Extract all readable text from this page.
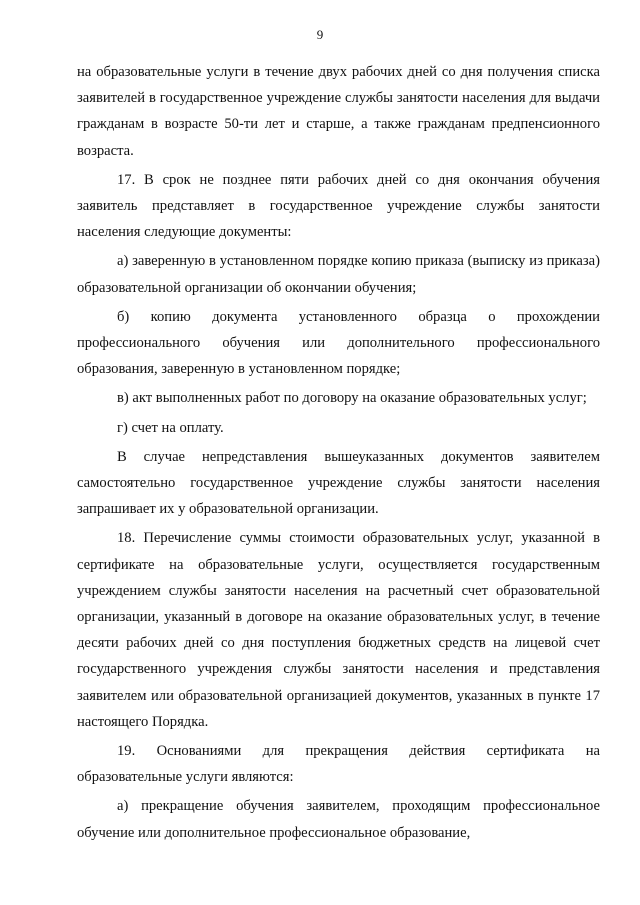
9

на образовательные услуги в течение двух рабочих дней со дня получения списка заявителей в государственное учреждение службы занятости населения для выдачи гражданам в возрасте 50-ти лет и старше, а также гражданам предпенсионного возраста.

17. В срок не позднее пяти рабочих дней со дня окончания обучения заявитель представляет в государственное учреждение службы занятости населения следующие документы:

а) заверенную в установленном порядке копию приказа (выписку из приказа) образовательной организации об окончании обучения;

б) копию документа установленного образца о прохождении профессионального обучения или дополнительного профессионального образования, заверенную в установленном порядке;

в) акт выполненных работ по договору на оказание образовательных услуг;

г) счет на оплату.

В случае непредставления вышеуказанных документов заявителем самостоятельно государственное учреждение службы занятости населения запрашивает их у образовательной организации.

18. Перечисление суммы стоимости образовательных услуг, указанной в сертификате на образовательные услуги, осуществляется государственным учреждением службы занятости населения на расчетный счет образовательной организации, указанный в договоре на оказание образовательных услуг, в течение десяти рабочих дней со дня поступления бюджетных средств на лицевой счет государственного учреждения службы занятости населения и представления заявителем или образовательной организацией документов, указанных в пункте 17 настоящего Порядка.

19. Основаниями для прекращения действия сертификата на образовательные услуги являются:

а) прекращение обучения заявителем, проходящим профессиональное обучение или дополнительное профессиональное образование,
